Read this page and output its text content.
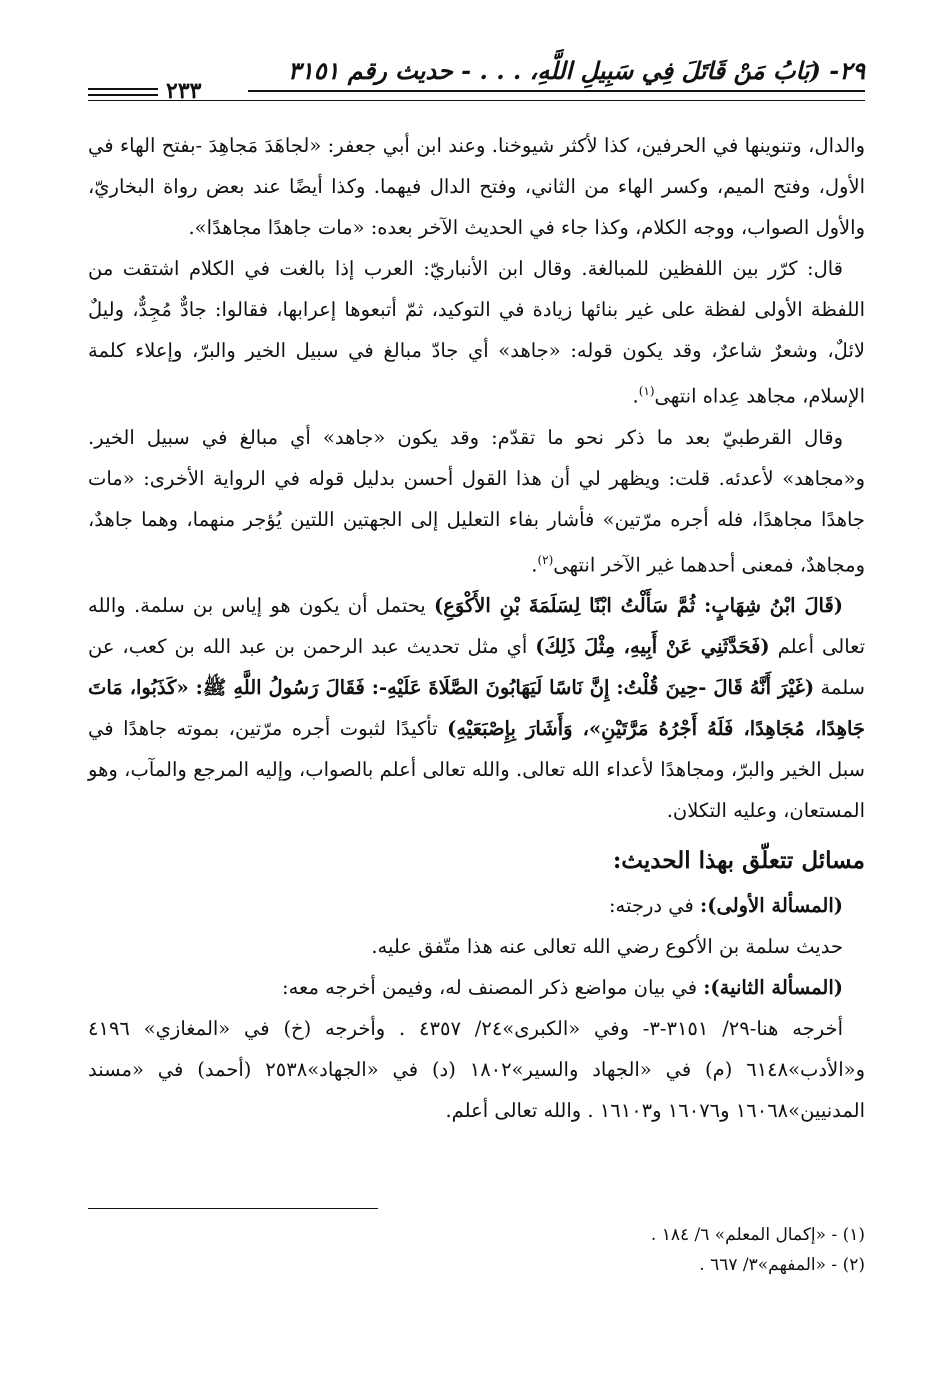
٢٩- (بَابُ مَنْ قَاتَلَ فِي سَبِيلِ اللَّهِ، . . . - حديث رقم ٣١٥١
٢٣٣

والدال، وتنوينها في الحرفين، كذا لأكثر شيوخنا. وعند ابن أبي جعفر: «لجاهَدَ مَجاهِدَ -بفتح الهاء في الأول، وفتح الميم، وكسر الهاء من الثاني، وفتح الدال فيهما. وكذا أيضًا عند بعض رواة البخاريّ، والأول الصواب، ووجه الكلام، وكذا جاء في الحديث الآخر بعده: «مات جاهدًا مجاهدًا».

قال: كرّر بين اللفظين للمبالغة. وقال ابن الأنباريّ: العرب إذا بالغت في الكلام اشتقت من اللفظة الأولى لفظة على غير بنائها زيادة في التوكيد، ثمّ أتبعوها إعرابها، فقالوا: جادٌّ مُجِدٌّ، وليلٌ لائلٌ، وشعرٌ شاعرٌ، وقد يكون قوله: «جاهد» أي جادّ مبالغ في سبيل الخير والبرّ، وإعلاء كلمة الإسلام، مجاهد عِداه انتهى$^{(١)}$.

وقال القرطبيّ بعد ما ذكر نحو ما تقدّم: وقد يكون «جاهد» أي مبالغ في سبيل الخير. و«مجاهد» لأعدئه. قلت: ويظهر لي أن هذا القول أحسن بدليل قوله في الرواية الأخرى: «مات جاهدًا مجاهدًا، فله أجره مرّتين» فأشار بفاء التعليل إلى الجهتين اللتين يُؤجر منهما، وهما جاهدٌ، ومجاهدٌ، فمعنى أحدهما غير الآخر انتهى$^{(٢)}$.

(قَالَ ابْنُ شِهَابٍ: ثُمَّ سَأَلْتُ ابْنًا لِسَلَمَةَ بْنِ الأَكْوَعِ) يحتمل أن يكون هو إياس بن سلمة. والله تعالى أعلم (فَحَدَّثَنِي عَنْ أَبِيهِ، مِثْلَ ذَلِكَ) أي مثل تحديث عبد الرحمن بن عبد الله بن كعب، عن سلمة (غَيْرَ أَنَّهُ قَالَ -حِينَ قُلْتُ: إِنَّ نَاسًا لَيَهَابُونَ الصَّلَاةَ عَلَيْهِ-: فَقَالَ رَسُولُ اللَّهِ ﷺ: «كَذَبُوا، مَاتَ جَاهِدًا، مُجَاهِدًا، فَلَهُ أَجْرُهُ مَرَّتَيْنِ»، وَأَشَارَ بِإِصْبَعَيْهِ) تأكيدًا لثبوت أجره مرّتين، بموته جاهدًا في سبل الخير والبرّ، ومجاهدًا لأعداء الله تعالى. والله تعالى أعلم بالصواب، وإليه المرجع والمآب، وهو المستعان، وعليه التكلان.

مسائل تتعلّق بهذا الحديث:

(المسألة الأولى): في درجته:

حديث سلمة بن الأكوع رضي الله تعالى عنه هذا متّفق عليه.

(المسألة الثانية): في بيان مواضع ذكر المصنف له، وفيمن أخرجه معه:

أخرجه هنا-٢٩/ ٣١٥١-٣- وفي «الكبرى»٢٤/ ٤٣٥٧ . وأخرجه (خ) في «المغازي» ٤١٩٦ و«الأدب»٦١٤٨ (م) في «الجهاد والسير»١٨٠٢ (د) في «الجهاد»٢٥٣٨ (أحمد) في «مسند المدنيين»١٦٠٦٨ و١٦٠٧٦ و١٦١٠٣ . والله تعالى أعلم.

(١) - «إكمال المعلم» ٦/ ١٨٤ .
(٢) - «المفهم»٣/ ٦٦٧ .
